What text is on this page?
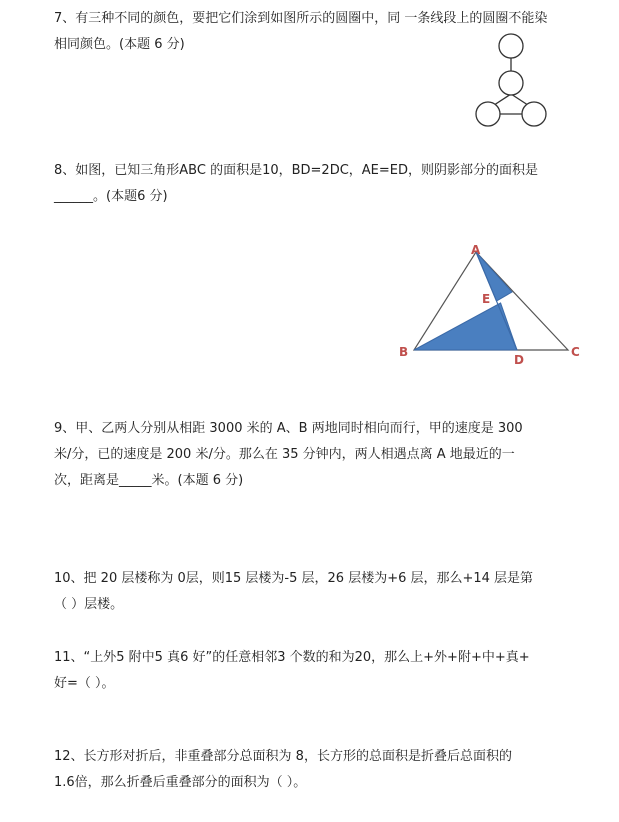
7、有三种不同的颜色，要把它们涂到如图所示的圆圈中，同 一条线段上的圆圈不能染
相同颜色。(本题 6 分)
8、如图，已知三角形ABC 的面积是10，BD=2DC，AE=ED，则阴影部分的面积是
______。(本题6 分)
A
B	C
D
E
9、甲、乙两人分别从相距 3000 米的 A、B 两地同时相向而行，甲的速度是 300
米/分，已的速度是 200 米/分。那么在 35 分钟内，两人相遇点离 A 地最近的一
次，距离是_____米。(本题 6 分)
10、把 20 层楼称为 0层，则15 层楼为-5 层，26 层楼为+6 层，那么+14 层是第
（ ）层楼。
11、“上外5 附中5 真6 好”的任意相邻3 个数的和为20，那么上+外+附+中+真+
好=（ ）。
12、长方形对折后，非重叠部分总面积为 8，长方形的总面积是折叠后总面积的
1.6倍，那么折叠后重叠部分的面积为（ ）。
